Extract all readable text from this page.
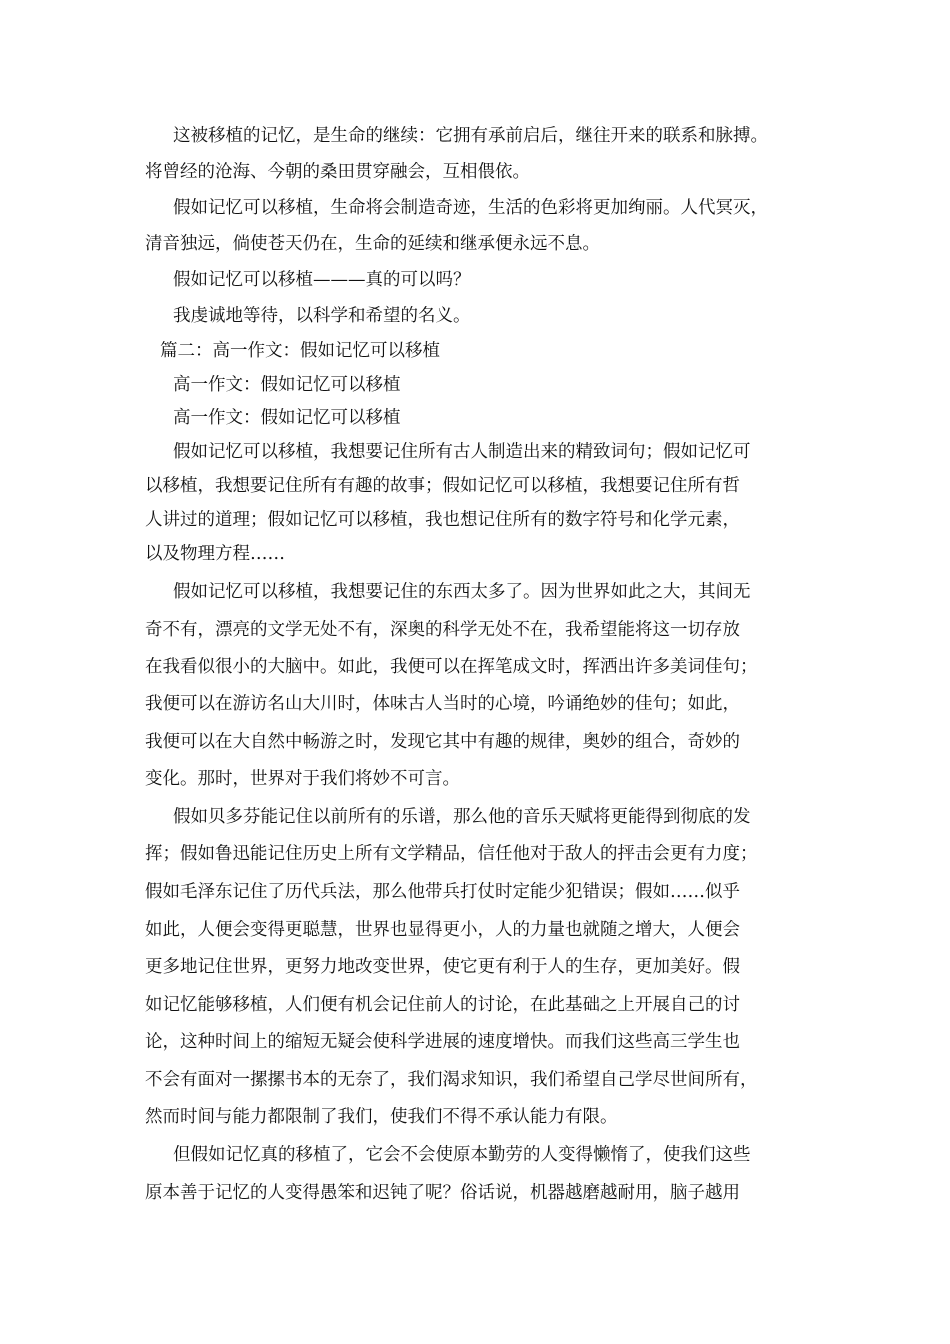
这被移植的记忆，是生命的继续：它拥有承前启后，继往开来的联系和脉搏。
将曾经的沧海、今朝的桑田贯穿融会，互相偎依。
假如记忆可以移植，生命将会制造奇迹，生活的色彩将更加绚丽。人代冥灭，
清音独远，倘使苍天仍在，生命的延续和继承便永远不息。
假如记忆可以移植———真的可以吗？
我虔诚地等待，以科学和希望的名义。
篇二：高一作文：假如记忆可以移植
高一作文：假如记忆可以移植
高一作文：假如记忆可以移植
假如记忆可以移植，我想要记住所有古人制造出来的精致词句；假如记忆可
以移植，我想要记住所有有趣的故事；假如记忆可以移植，我想要记住所有哲
人讲过的道理；假如记忆可以移植，我也想记住所有的数字符号和化学元素，
以及物理方程……
假如记忆可以移植，我想要记住的东西太多了。因为世界如此之大，其间无
奇不有，漂亮的文学无处不有，深奥的科学无处不在，我希望能将这一切存放
在我看似很小的大脑中。如此，我便可以在挥笔成文时，挥洒出许多美词佳句；
我便可以在游访名山大川时，体味古人当时的心境，吟诵绝妙的佳句；如此，
我便可以在大自然中畅游之时，发现它其中有趣的规律，奥妙的组合，奇妙的
变化。那时，世界对于我们将妙不可言。
假如贝多芬能记住以前所有的乐谱，那么他的音乐天赋将更能得到彻底的发
挥；假如鲁迅能记住历史上所有文学精品，信任他对于敌人的抨击会更有力度；
假如毛泽东记住了历代兵法，那么他带兵打仗时定能少犯错误；假如……似乎
如此，人便会变得更聪慧，世界也显得更小，人的力量也就随之增大，人便会
更多地记住世界，更努力地改变世界，使它更有利于人的生存，更加美好。假
如记忆能够移植，人们便有机会记住前人的讨论，在此基础之上开展自己的讨
论，这种时间上的缩短无疑会使科学进展的速度增快。而我们这些高三学生也
不会有面对一摞摞书本的无奈了，我们渴求知识，我们希望自己学尽世间所有，
然而时间与能力都限制了我们，使我们不得不承认能力有限。
但假如记忆真的移植了，它会不会使原本勤劳的人变得懒惰了，使我们这些
原本善于记忆的人变得愚笨和迟钝了呢？俗话说，机器越磨越耐用，脑子越用
